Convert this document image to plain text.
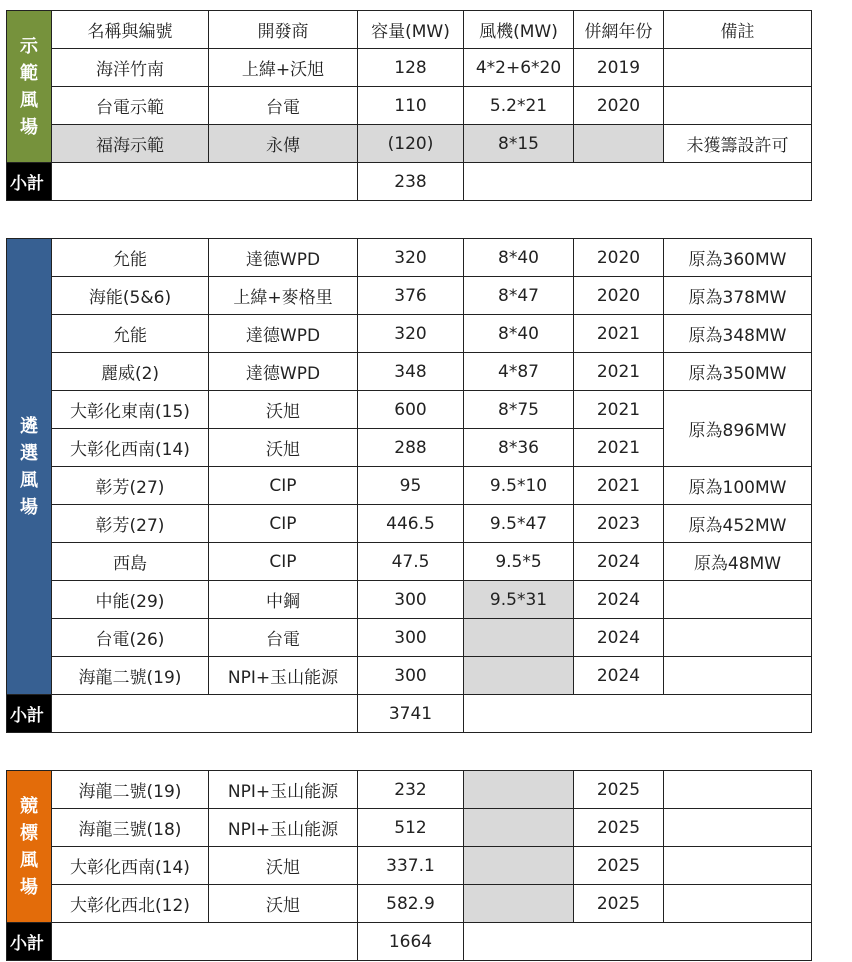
示範風場	名稱與編號	開發商	容量(MW)	風機(MW)	併網年份	備註
	海洋竹南	上緯+沃旭	128	4*2+6*20	2019	
	台電示範	台電	110	5.2*21	2020	
	福海示範	永傳	(120)	8*15		未獲籌設許可
小計			238			
遴選風場	允能	達德WPD	320	8*40	2020	原為360MW
	海能(5&6)	上緯+麥格里	376	8*47	2020	原為378MW
	允能	達德WPD	320	8*40	2021	原為348MW
	麗威(2)	達德WPD	348	4*87	2021	原為350MW
	大彰化東南(15)	沃旭	600	8*75	2021	原為896MW
	大彰化西南(14)	沃旭	288	8*36	2021	
	彰芳(27)	CIP	95	9.5*10	2021	原為100MW
	彰芳(27)	CIP	446.5	9.5*47	2023	原為452MW
	西島	CIP	47.5	9.5*5	2024	原為48MW
	中能(29)	中鋼	300	9.5*31	2024	
	台電(26)	台電	300		2024	
	海龍二號(19)	NPI+玉山能源	300		2024	
小計			3741			
競標風場	海龍二號(19)	NPI+玉山能源	232		2025	
	海龍三號(18)	NPI+玉山能源	512		2025	
	大彰化西南(14)	沃旭	337.1		2025	
	大彰化西北(12)	沃旭	582.9		2025	
小計			1664			
